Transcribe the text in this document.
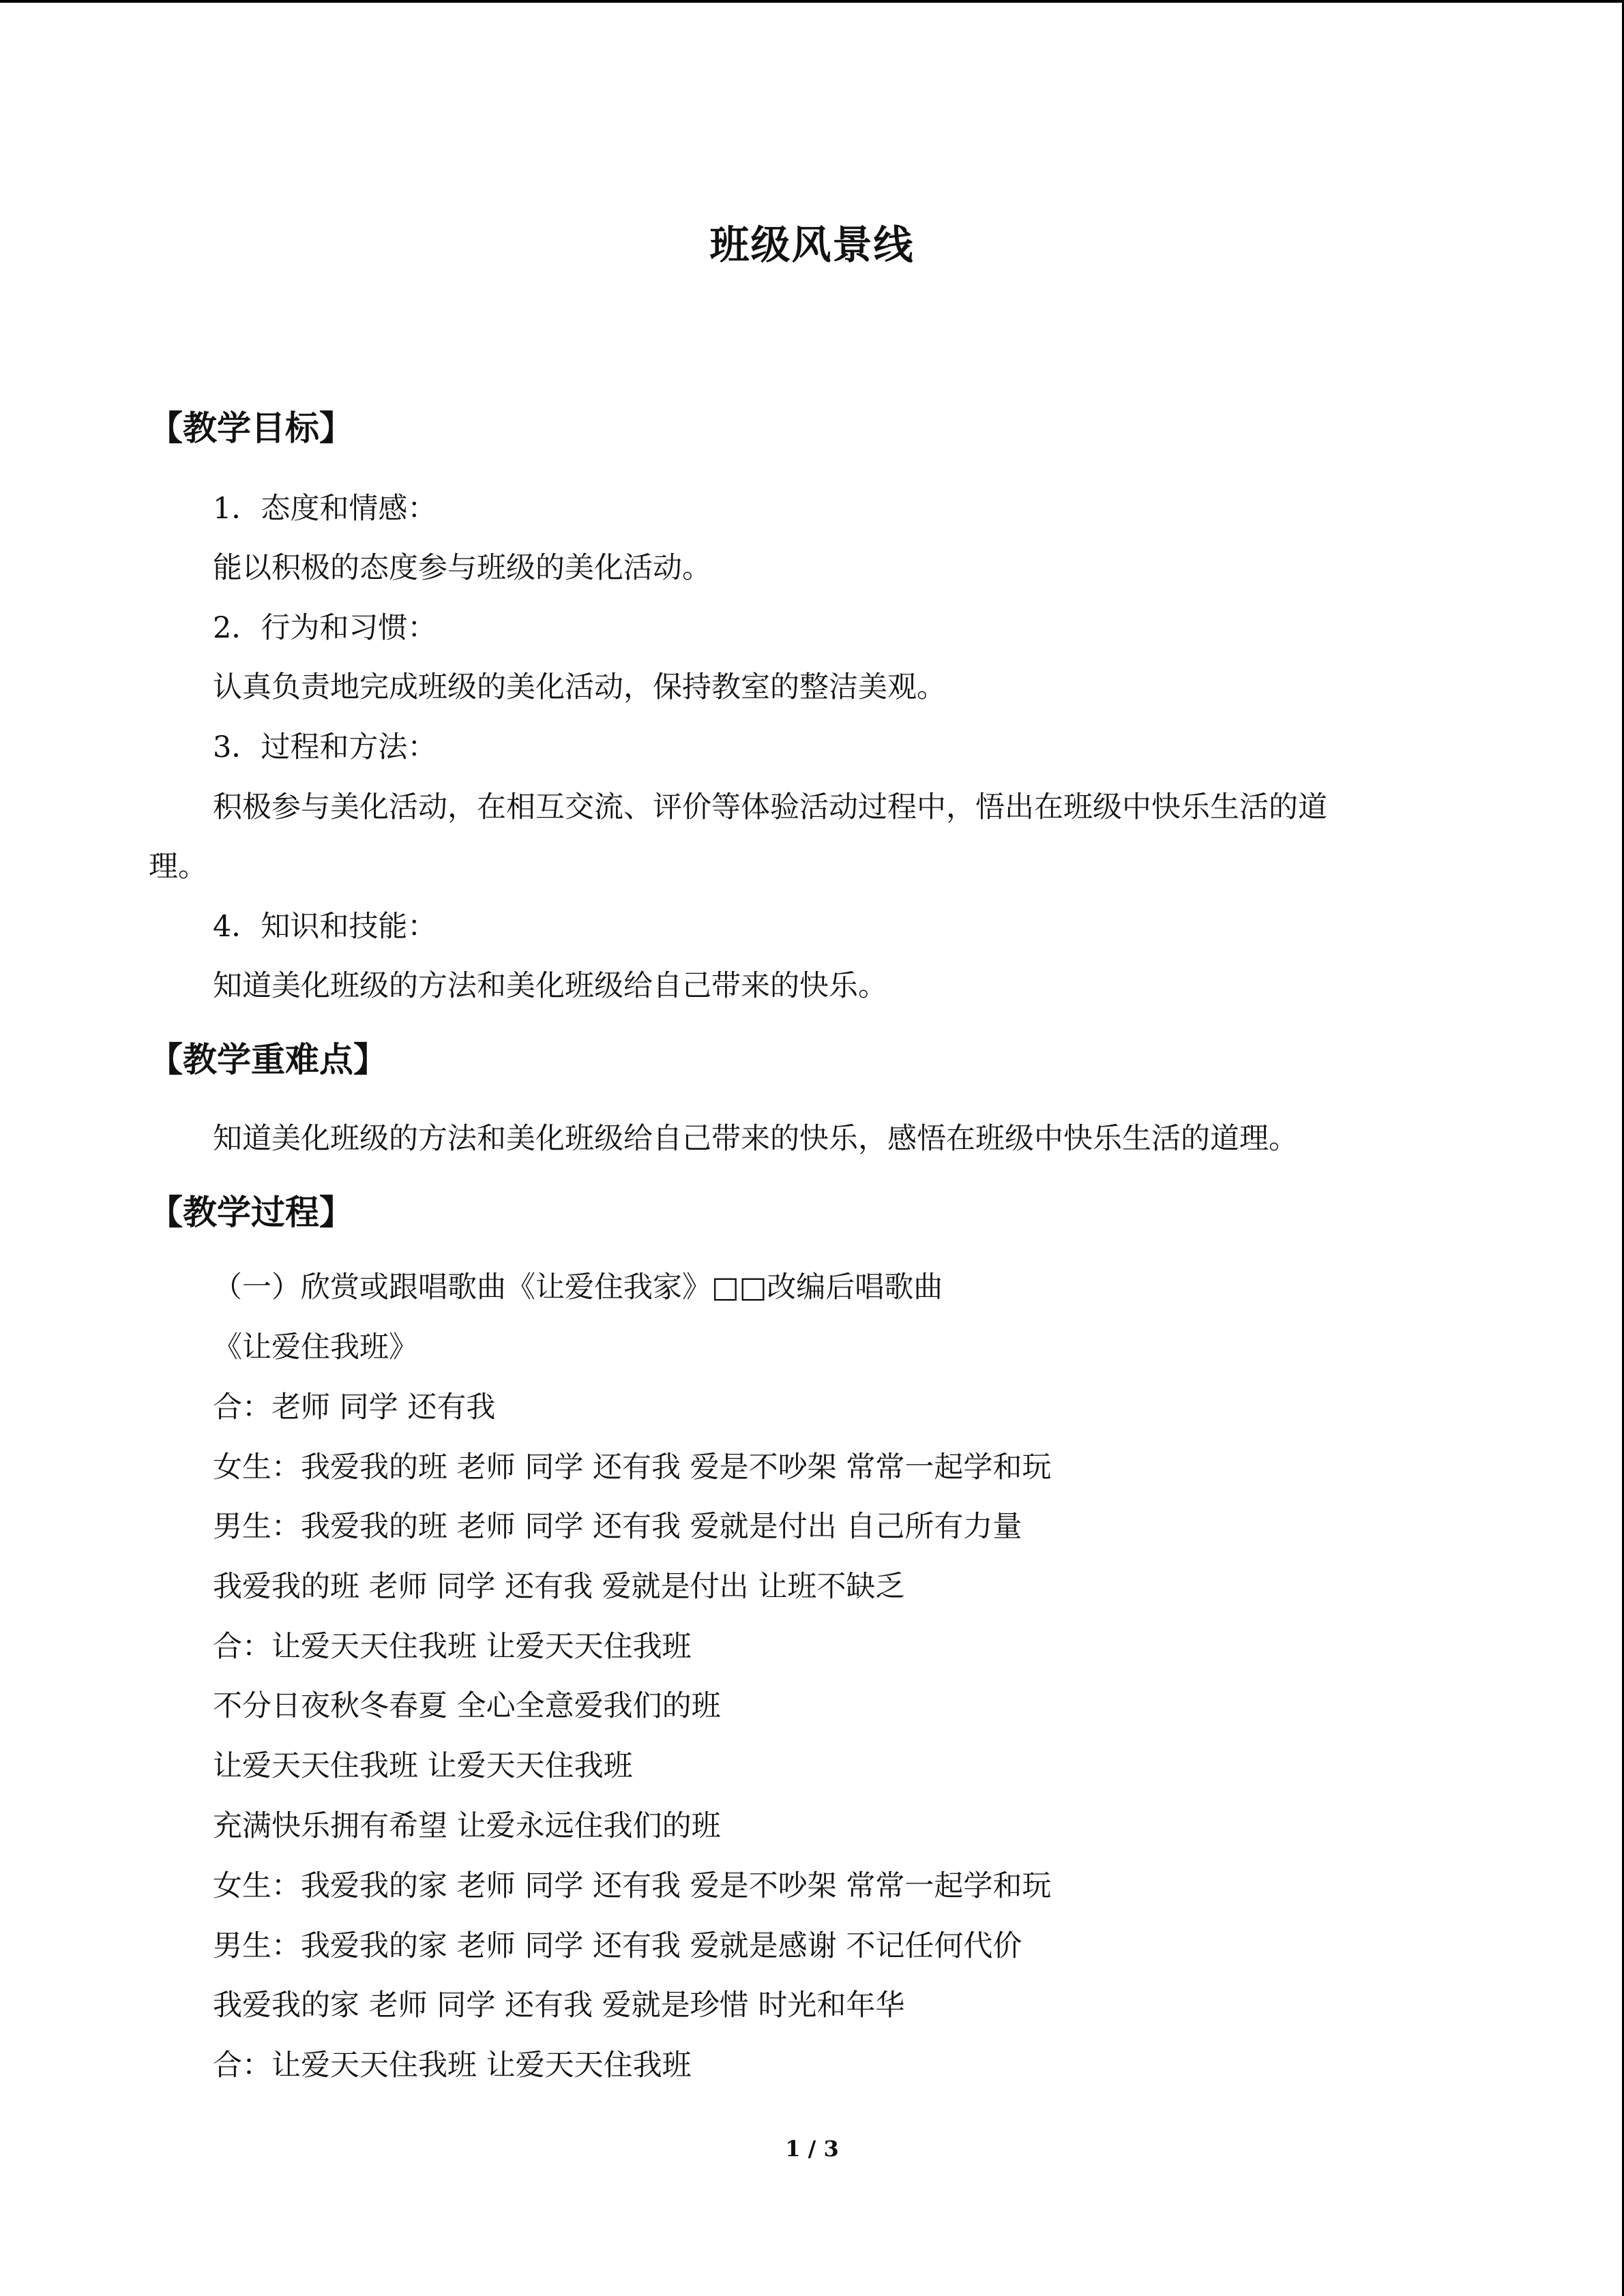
班级风景线
【教学目标】
1．态度和情感：
能以积极的态度参与班级的美化活动。
2．行为和习惯：
认真负责地完成班级的美化活动，保持教室的整洁美观。
3．过程和方法：
积极参与美化活动，在相互交流、评价等体验活动过程中，悟出在班级中快乐生活的道
理。
4．知识和技能：
知道美化班级的方法和美化班级给自己带来的快乐。
【教学重难点】
知道美化班级的方法和美化班级给自己带来的快乐，感悟在班级中快乐生活的道理。
【教学过程】
（一）欣赏或跟唱歌曲《让爱住我家》□□改编后唱歌曲
《让爱住我班》
合：老师 同学 还有我
女生：我爱我的班 老师 同学 还有我 爱是不吵架 常常一起学和玩
男生：我爱我的班 老师 同学 还有我 爱就是付出 自己所有力量
我爱我的班 老师 同学 还有我 爱就是付出 让班不缺乏
合：让爱天天住我班 让爱天天住我班
不分日夜秋冬春夏 全心全意爱我们的班
让爱天天住我班 让爱天天住我班
充满快乐拥有希望 让爱永远住我们的班
女生：我爱我的家 老师 同学 还有我 爱是不吵架 常常一起学和玩
男生：我爱我的家 老师 同学 还有我 爱就是感谢 不记任何代价
我爱我的家 老师 同学 还有我 爱就是珍惜 时光和年华
合：让爱天天住我班 让爱天天住我班
1 / 3
